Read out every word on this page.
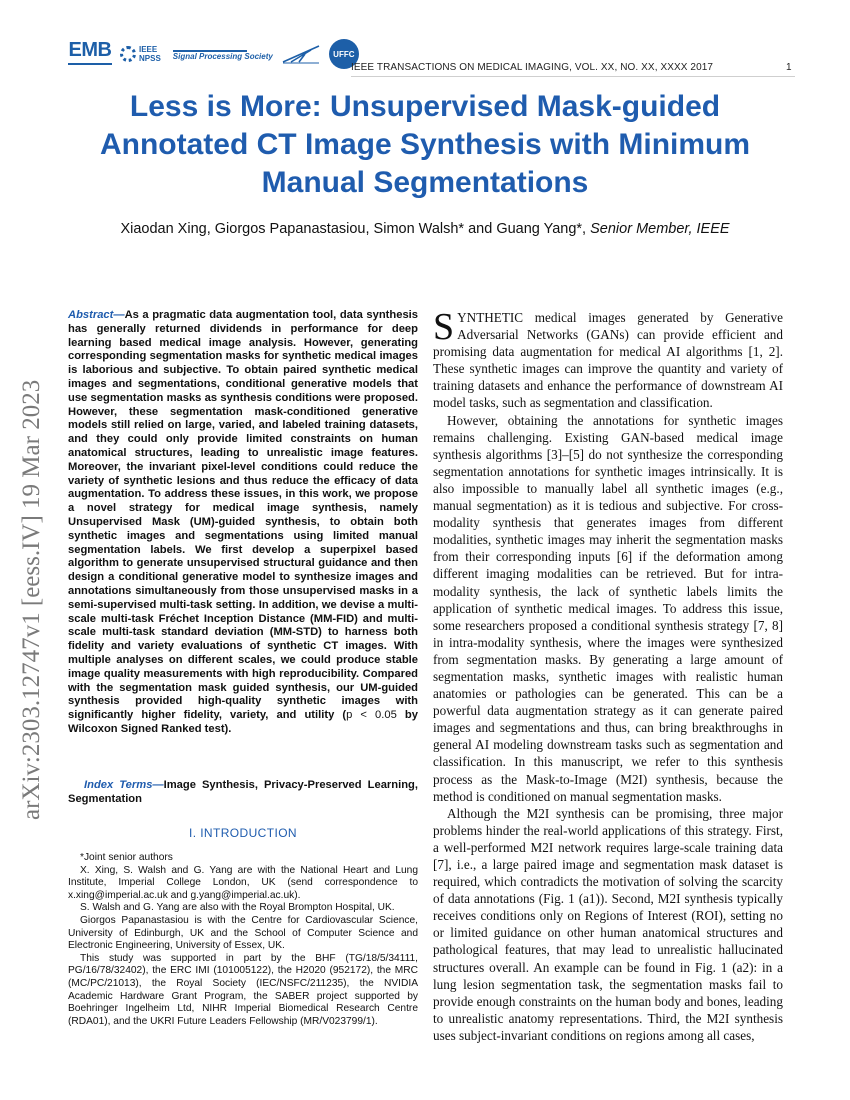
EMB	IEEE
NPSS Signal Processing Society	UFFC
IEEE TRANSACTIONS ON MEDICAL IMAGING, VOL. XX, NO. XX, XXXX 2017	1
Less is More: Unsupervised Mask-guided
Annotated CT Image Synthesis with Minimum
Manual Segmentations
Xiaodan Xing, Giorgos Papanastasiou, Simon Walsh* and Guang Yang*, Senior Member, IEEE
arXiv:2303.12747v1 [eess.IV] 19 Mar 2023
Abstract—As a pragmatic data augmentation tool, data synthesis has generally returned dividends in performance for deep learning based medical image analysis. However, generating corresponding segmentation masks for synthetic medical images is laborious and subjective. To obtain paired synthetic medical images and segmentations, conditional generative models that use segmentation masks as synthesis conditions were proposed. However, these segmentation mask-conditioned generative models still relied on large, varied, and labeled training datasets, and they could only provide limited constraints on human anatomical structures, leading to unrealistic image features. Moreover, the invariant pixel-level conditions could reduce the variety of synthetic lesions and thus reduce the efficacy of data augmentation. To address these issues, in this work, we propose a novel strategy for medical image synthesis, namely Unsupervised Mask (UM)-guided synthesis, to obtain both synthetic images and segmentations using limited manual segmentation labels. We first develop a superpixel based algorithm to generate unsupervised structural guidance and then design a conditional generative model to synthesize images and annotations simultaneously from those unsupervised masks in a semi-supervised multi-task setting. In addition, we devise a multi-scale multi-task Fréchet Inception Distance (MM-FID) and multi-scale multi-task standard deviation (MM-STD) to harness both fidelity and variety evaluations of synthetic CT images. With multiple analyses on different scales, we could produce stable image quality measurements with high reproducibility. Compared with the segmentation mask guided synthesis, our UM-guided synthesis provided high-quality synthetic images with significantly higher fidelity, variety, and utility (p < 0.05 by Wilcoxon Signed Ranked test).
Index Terms—Image Synthesis, Privacy-Preserved Learning, Segmentation
I. INTRODUCTION

*Joint senior authors

X. Xing, S. Walsh and G. Yang are with the National Heart and Lung Institute, Imperial College London, UK (send correspondence to x.xing@imperial.ac.uk and g.yang@imperial.ac.uk).

S. Walsh and G. Yang are also with the Royal Brompton Hospital, UK.

Giorgos Papanastasiou is with the Centre for Cardiovascular Science, University of Edinburgh, UK and the School of Computer Science and Electronic Engineering, University of Essex, UK.

This study was supported in part by the BHF (TG/18/5/34111, PG/16/78/32402), the ERC IMI (101005122), the H2020 (952172), the MRC (MC/PC/21013), the Royal Society (IEC/NSFC/211235), the NVIDIA Academic Hardware Grant Program, the SABER project supported by Boehringer Ingelheim Ltd, NIHR Imperial Biomedical Research Centre (RDA01), and the UKRI Future Leaders Fellowship (MR/V023799/1).

SYNTHETIC medical images generated by Generative Adversarial Networks (GANs) can provide efficient and promising data augmentation for medical AI algorithms [1, 2]. These synthetic images can improve the quantity and variety of training datasets and enhance the performance of downstream AI model tasks, such as segmentation and classification.

However, obtaining the annotations for synthetic images remains challenging. Existing GAN-based medical image synthesis algorithms [3]–[5] do not synthesize the corresponding segmentation annotations for synthetic images intrinsically. It is also impossible to manually label all synthetic images (e.g., manual segmentation) as it is tedious and subjective. For cross-modality synthesis that generates images from different modalities, synthetic images may inherit the segmentation masks from their corresponding inputs [6] if the deformation among different imaging modalities can be retrieved. But for intra-modality synthesis, the lack of synthetic labels limits the application of synthetic medical images. To address this issue, some researchers proposed a conditional synthesis strategy [7, 8] in intra-modality synthesis, where the images were synthesized from segmentation masks. By generating a large amount of segmentation masks, synthetic images with realistic human anatomies or pathologies can be generated. This can be a powerful data augmentation strategy as it can generate paired images and segmentations and thus, can bring breakthroughs in general AI modeling downstream tasks such as segmentation and classification. In this manuscript, we refer to this synthesis process as the Mask-to-Image (M2I) synthesis, because the method is conditioned on manual segmentation masks.

Although the M2I synthesis can be promising, three major problems hinder the real-world applications of this strategy. First, a well-performed M2I network requires large-scale training data [7], i.e., a large paired image and segmentation mask dataset is required, which contradicts the motivation of solving the scarcity of data annotations (Fig. 1 (a1)). Second, M2I synthesis typically receives conditions only on Regions of Interest (ROI), setting no or limited guidance on other human anatomical structures and pathological features, that may lead to unrealistic hallucinated structures overall. An example can be found in Fig. 1 (a2): in a lung lesion segmentation task, the segmentation masks fail to provide enough constraints on the human body and bones, leading to unrealistic anatomy representations. Third, the M2I synthesis uses subject-invariant conditions on regions among all cases,
